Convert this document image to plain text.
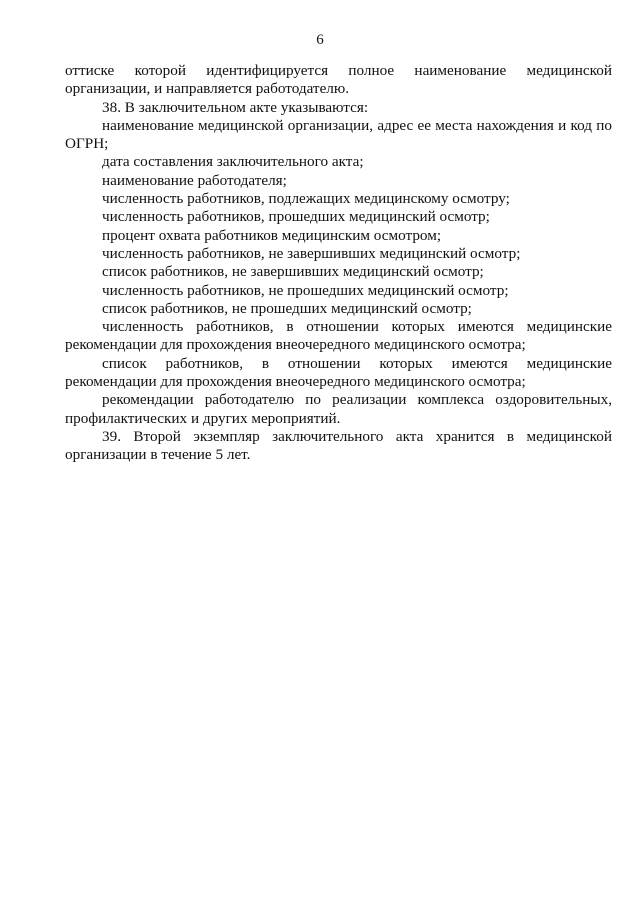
6

оттиске которой идентифицируется полное наименование медицинской организации, и направляется работодателю.

38. В заключительном акте указываются:

наименование медицинской организации, адрес ее места нахождения и код по ОГРН;

дата составления заключительного акта;

наименование работодателя;

численность работников, подлежащих медицинскому осмотру;

численность работников, прошедших медицинский осмотр;

процент охвата работников медицинским осмотром;

численность работников, не завершивших медицинский осмотр;

список работников, не завершивших медицинский осмотр;

численность работников, не прошедших медицинский осмотр;

список работников, не прошедших медицинский осмотр;

численность работников, в отношении которых имеются медицинские рекомендации для прохождения внеочередного медицинского осмотра;

список работников, в отношении которых имеются медицинские рекомендации для прохождения внеочередного медицинского осмотра;

рекомендации работодателю по реализации комплекса оздоровительных, профилактических и других мероприятий.

39. Второй экземпляр заключительного акта хранится в медицинской организации в течение 5 лет.
